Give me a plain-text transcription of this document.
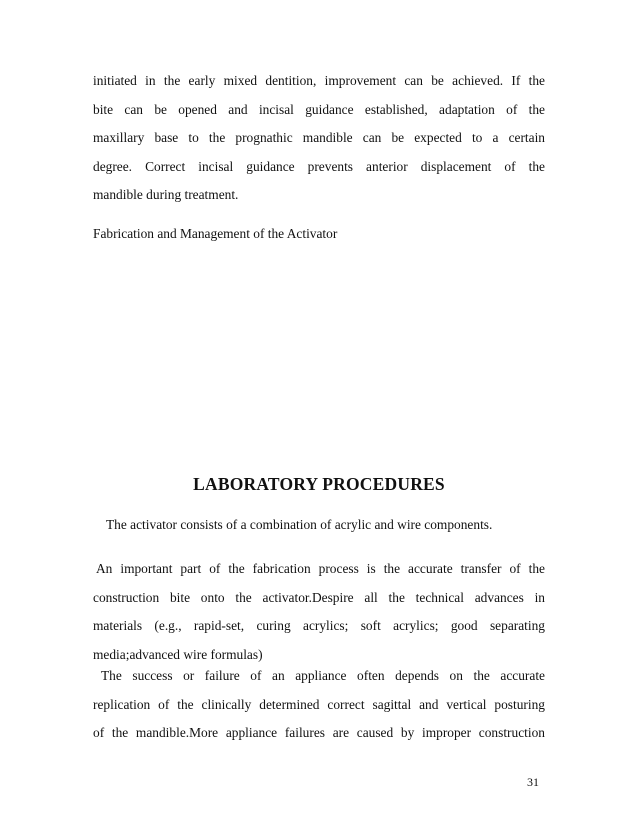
initiated in the early mixed dentition, improvement can be achieved. If the
bite can be opened and incisal guidance established, adaptation of the
maxillary base to the prognathic mandible can be expected to a certain
degree. Correct incisal guidance prevents anterior displacement of the
mandible during treatment.

Fabrication and Management of the Activator

LABORATORY PROCEDURES

The activator consists of a combination of acrylic and wire components.

An important part of the fabrication process is the accurate transfer of the
construction bite onto the activator.Despire all the technical advances in
materials (e.g., rapid-set, curing acrylics; soft acrylics; good separating
media;advanced wire formulas)

The success or failure of an appliance often depends on the accurate
replication of the clinically determined correct sagittal and vertical posturing
of the mandible.More appliance failures are caused by improper construction

31
